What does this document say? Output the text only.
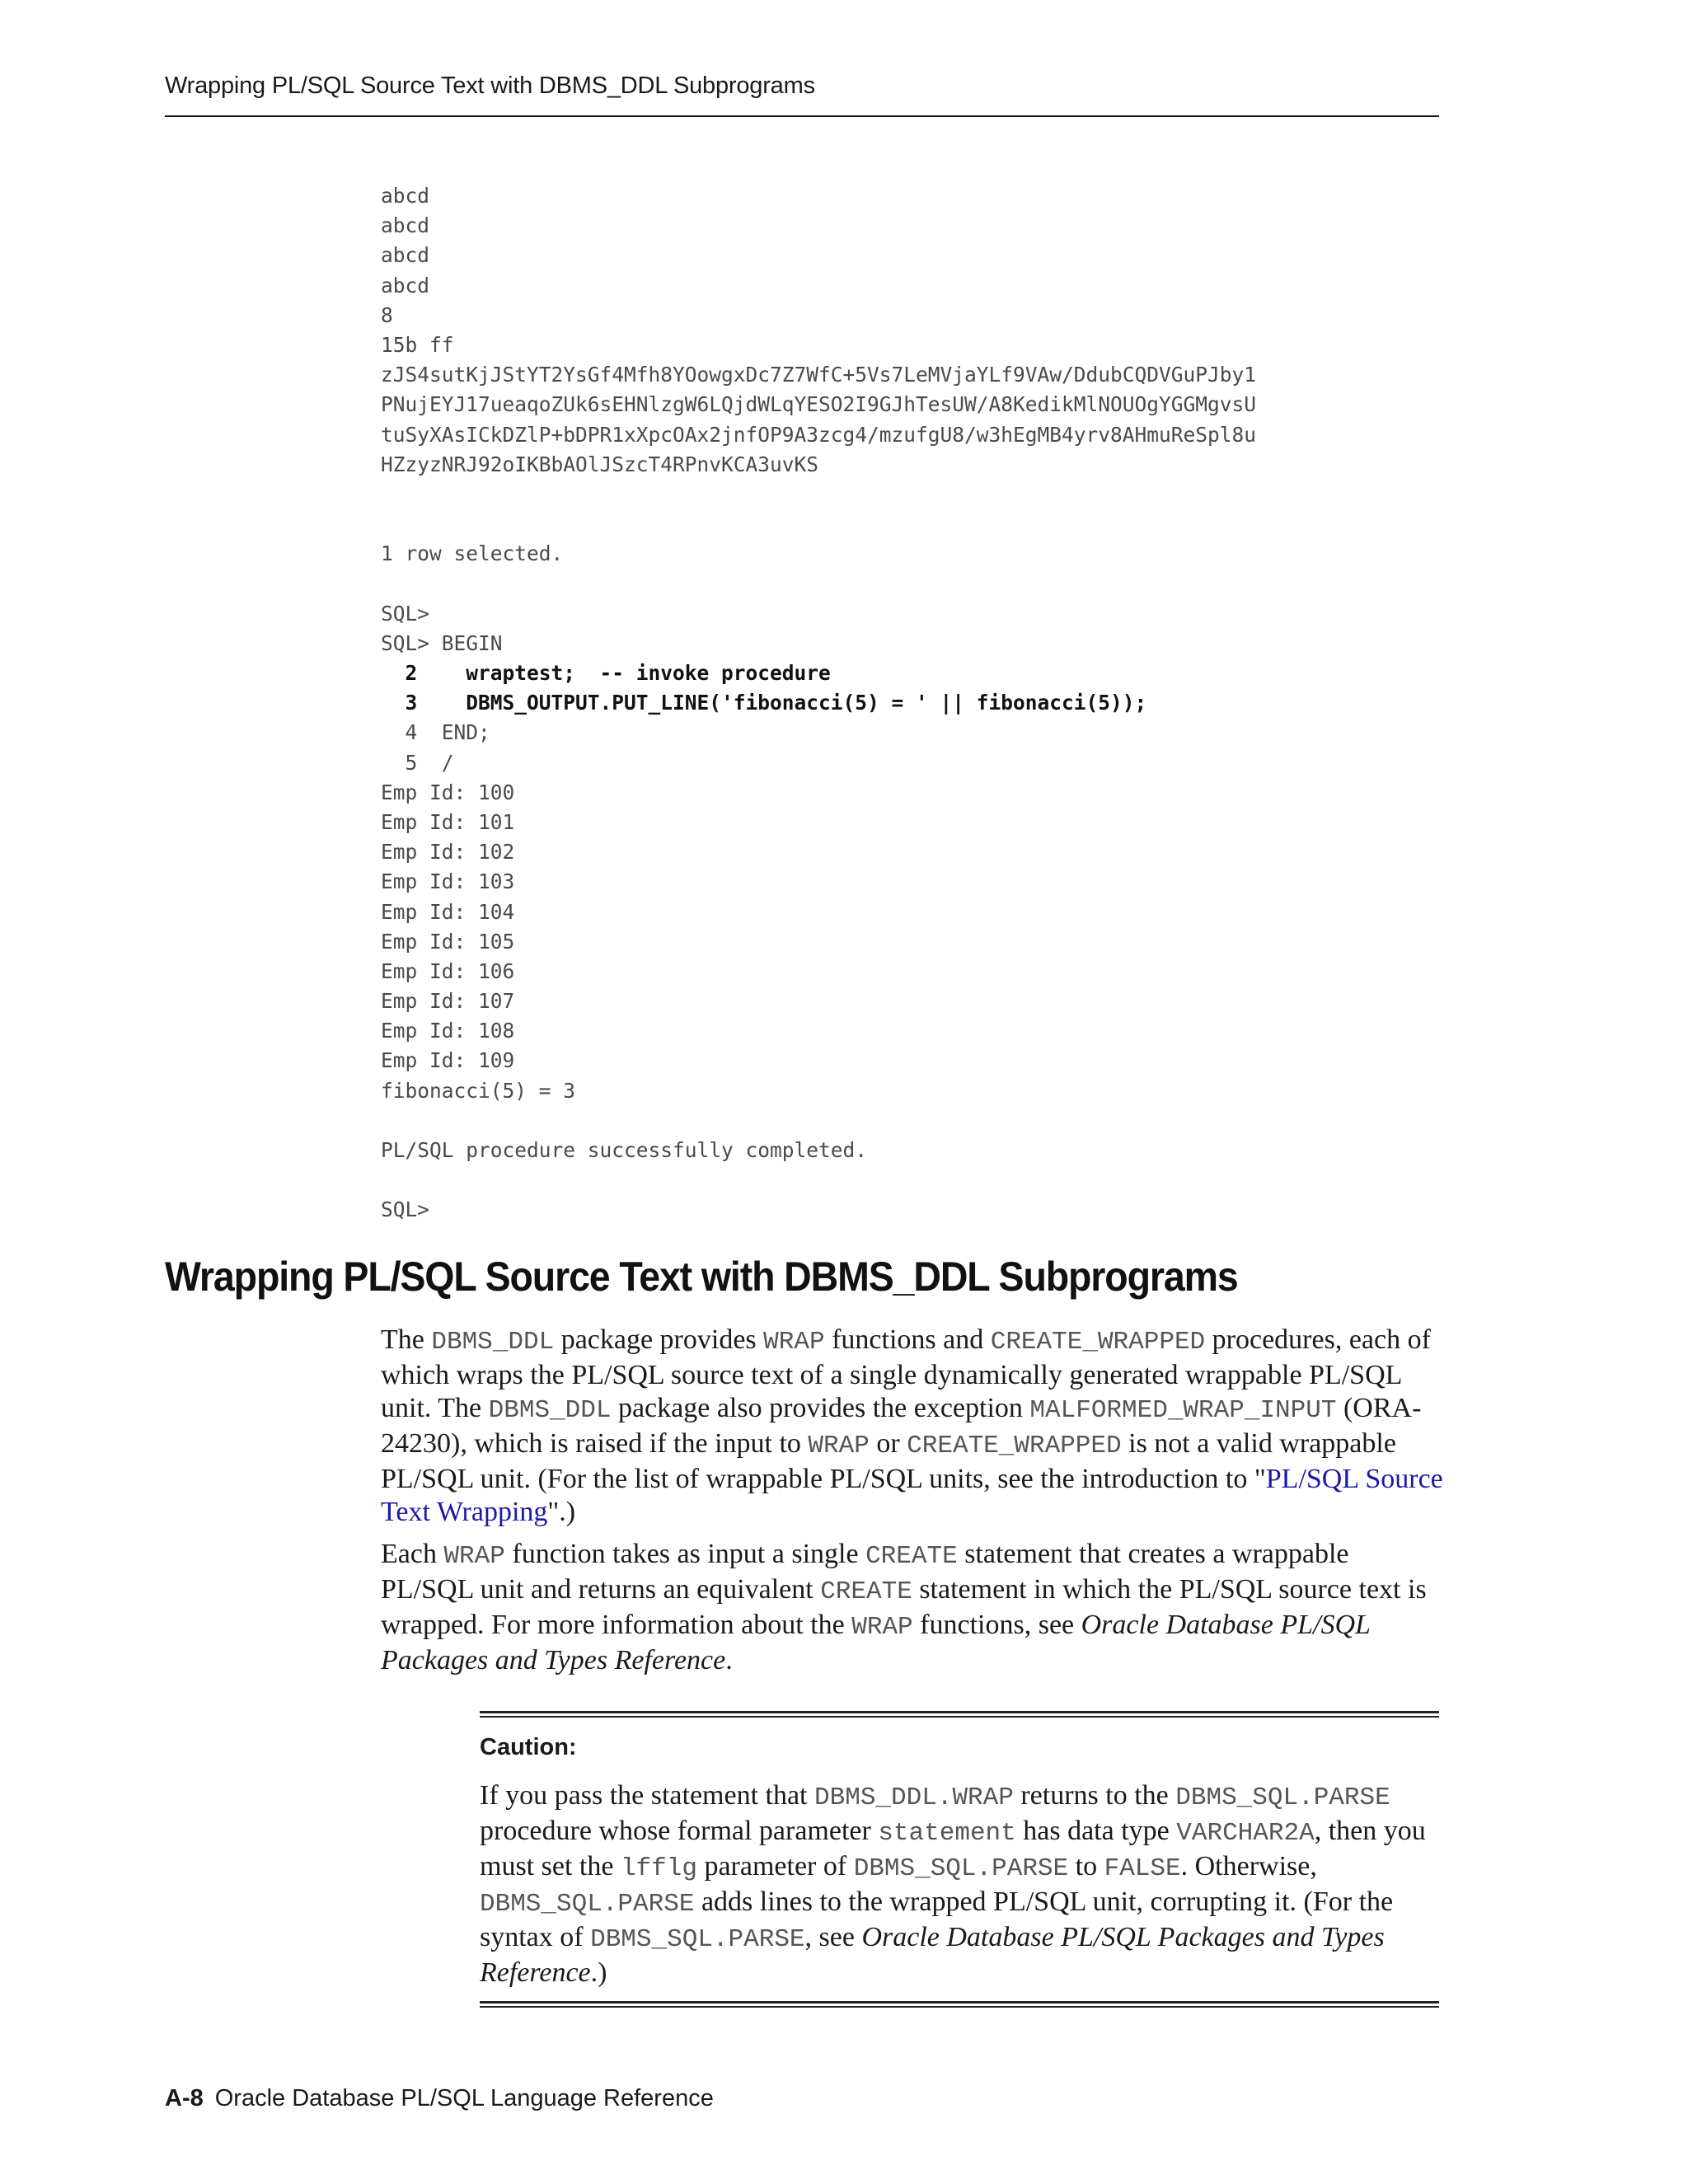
Wrapping PL/SQL Source Text with DBMS_DDL Subprograms
abcd
abcd
abcd
abcd
8
15b ff
zJS4sutKjJStYT2YsGf4Mfh8YOowgxDc7Z7WfC+5Vs7LeMVjaYLf9VAw/DdubCQDVGuPJby1
PNujEYJ17ueaqoZUk6sEHNlzgW6LQjdWLqYESO2I9GJhTesUW/A8KedikMlNOUOgYGGMgvsU
tuSyXAsICkDZlP+bDPR1xXpcOAx2jnfOP9A3zcg4/mzufgU8/w3hEgMB4yrv8AHmuReSpl8u
HZzyzNRJ92oIKBbAOlJSzcT4RPnvKCA3uvKS
1 row selected.
SQL>
SQL> BEGIN
2    wraptest;  -- invoke procedure
3    DBMS_OUTPUT.PUT_LINE('fibonacci(5) = ' || fibonacci(5));
4  END;
5  /
Emp Id: 100
Emp Id: 101
Emp Id: 102
Emp Id: 103
Emp Id: 104
Emp Id: 105
Emp Id: 106
Emp Id: 107
Emp Id: 108
Emp Id: 109
fibonacci(5) = 3
PL/SQL procedure successfully completed.
SQL>
Wrapping PL/SQL Source Text with DBMS_DDL Subprograms

The DBMS_DDL package provides WRAP functions and CREATE_WRAPPED procedures, each of which wraps the PL/SQL source text of a single dynamically generated wrappable PL/SQL unit. The DBMS_DDL package also provides the exception MALFORMED_WRAP_INPUT (ORA-24230), which is raised if the input to WRAP or CREATE_WRAPPED is not a valid wrappable PL/SQL unit. (For the list of wrappable PL/SQL units, see the introduction to "PL/SQL Source Text Wrapping".)

Each WRAP function takes as input a single CREATE statement that creates a wrappable PL/SQL unit and returns an equivalent CREATE statement in which the PL/SQL source text is wrapped. For more information about the WRAP functions, see Oracle Database PL/SQL Packages and Types Reference.

Caution:
If you pass the statement that DBMS_DDL.WRAP returns to the DBMS_SQL.PARSE procedure whose formal parameter statement has data type VARCHAR2A, then you must set the lfflg parameter of DBMS_SQL.PARSE to FALSE. Otherwise, DBMS_SQL.PARSE adds lines to the wrapped PL/SQL unit, corrupting it. (For the syntax of DBMS_SQL.PARSE, see Oracle Database PL/SQL Packages and Types Reference.)
A-8 Oracle Database PL/SQL Language Reference
